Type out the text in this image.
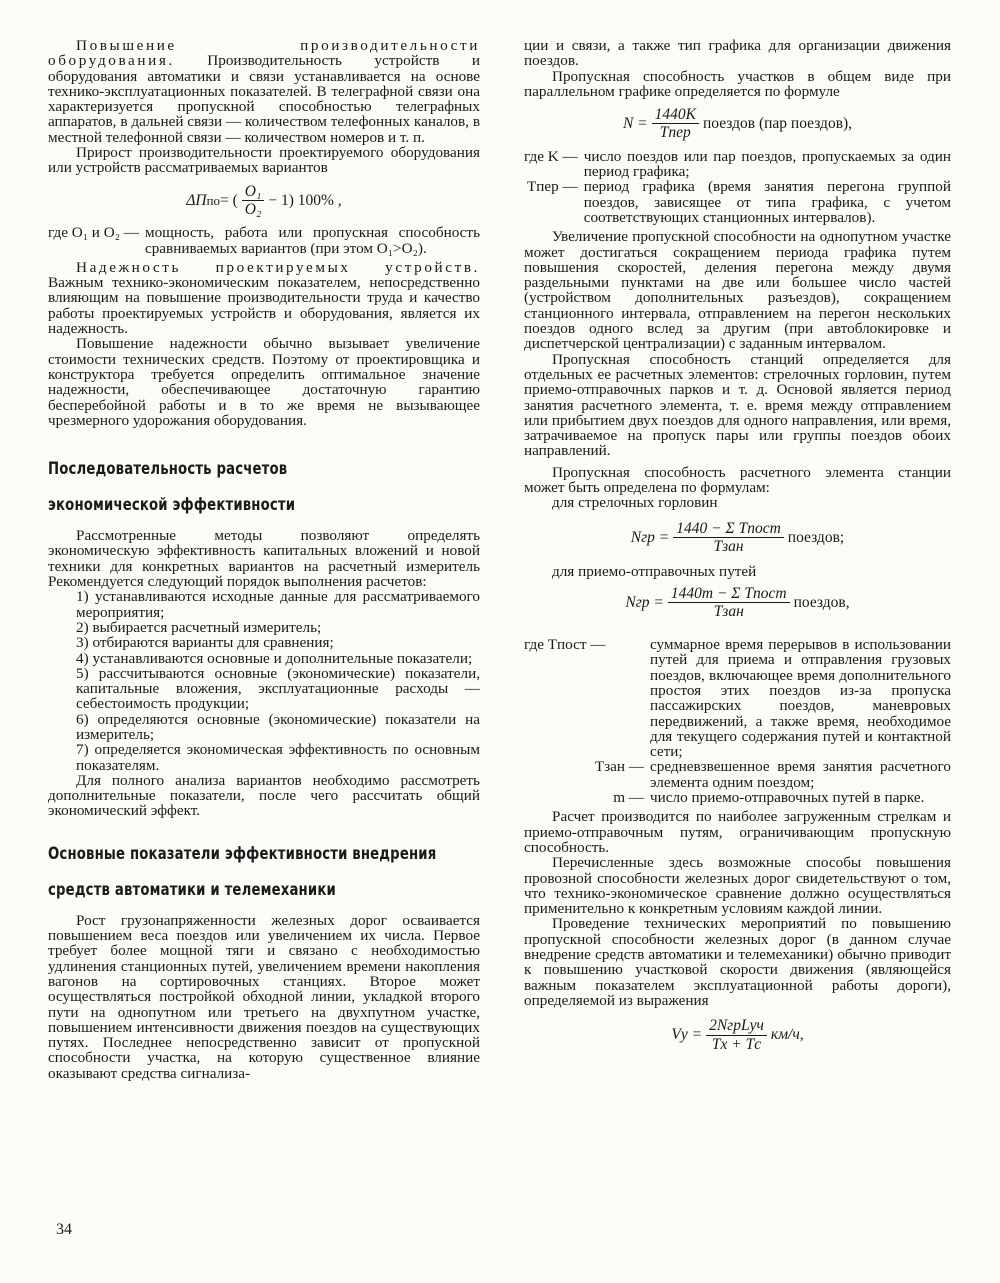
Повышение производительности оборудования. Производительность устройств и оборудования автоматики и связи устанавливается на основе технико-эксплуатационных показателей. В телеграфной связи она характеризуется пропускной способностью телеграфных аппаратов, в дальней связи — количеством телефонных каналов, в местной телефонной связи — количеством номеров и т. п.

Прирост производительности проектируемого оборудования или устройств рассматриваемых вариантов

ΔП по = ( $\frac{\text{O₁}}{\text{O₂}} - 1$) 100% ,
где O₁ и O₂ — мощность, работа или пропускная способность сравниваемых вариантов (при этом O₁>O₂).

Надежность проектируемых устройств. Важным технико-экономическим показателем, непосредственно влияющим на повышение производительности труда и качество работы проектируемых устройств и оборудования, является их надежность.

Повышение надежности обычно вызывает увеличение стоимости технических средств. Поэтому от проектировщика и конструктора требуется определить оптимальное значение надежности, обеспечивающее достаточную гарантию бесперебойной работы и в то же время не вызывающее чрезмерного удорожания оборудования.

Последовательность расчетов
экономической эффективности

Рассмотренные методы позволяют определять экономическую эффективность капитальных вложений и новой техники для конкретных вариантов на расчетный измеритель Рекомендуется следующий порядок выполнения расчетов:

1) устанавливаются исходные данные для рассматриваемого мероприятия;

2) выбирается расчетный измеритель;

3) отбираются варианты для сравнения;

4) устанавливаются основные и дополнительные показатели;

5) рассчитываются основные (экономические) показатели, капитальные вложения, эксплуатационные расходы — себестоимость продукции;

6) определяются основные (экономические) показатели на измеритель;

7) определяется экономическая эффективность по основным показателям.

Для полного анализа вариантов необходимо рассмотреть дополнительные показатели, после чего рассчитать общий экономический эффект.

Основные показатели эффективности внедрения
средств автоматики и телемеханики

Рост грузонапряженности железных дорог осваивается повышением веса поездов или увеличением их числа. Первое требует более мощной тяги и связано с необходимостью удлинения станционных путей, увеличением времени накопления вагонов на сортировочных станциях. Второе может осуществляться постройкой обходной линии, укладкой второго пути на однопутном или третьего на двухпутном участке, повышением интенсивности движения поездов на существующих путях. Последнее непосредственно зависит от пропускной способности участка, на которую существенное влияние оказывают средства сигнализа-

ции и связи, а также тип графика для организации движения поездов.

Пропускная способность участков в общем виде при параллельном графике определяется по формуле

$N = \frac{1440K}{\text{Tпер}}$ поездов (пар поездов),
где K — число поездов или пар поездов, пропускаемых за один период графика;
Tпер — период графика (время занятия перегона группой поездов, зависящее от типа графика, с учетом соответствующих станционных интервалов).

Увеличение пропускной способности на однопутном участке может достигаться сокращением периода графика путем повышения скоростей, деления перегона между двумя раздельными пунктами на две или большее число частей (устройством дополнительных разъездов), сокращением станционного интервала, отправлением на перегон нескольких поездов одного вслед за другим (при автоблокировке и диспетчерской централизации) с заданным интервалом.

Пропускная способность станций определяется для отдельных ее расчетных элементов: стрелочных горловин, путем приемо-отправочных парков и т. д. Основой является период занятия расчетного элемента, т. е. время между отправлением или прибытием двух поездов для одного направления, или время, затрачиваемое на пропуск пары или группы поездов обоих направлений.

Пропускная способность расчетного элемента станции может быть определена по формулам:

для стрелочных горловин

Nгр = $\frac{\text{1440 − Σ Tпост}}{\text{Tзан}}$ поездов;

для приемо-отправочных путей

Nгр = $\frac{\text{1440m − Σ Tпост}}{\text{Tзан}}$ поездов,
где Tпост —	суммарное время перерывов в использовании путей для приема и отправления грузовых поездов, включающее время дополнительного простоя этих поездов из-за пропуска пассажирских поездов, маневровых передвижений, а также время, необходимое для текущего содержания путей и контактной сети;
Tзан — средневзвешенное время занятия расчетного элемента одним поездом;
m — число приемо-отправочных путей в парке.

Расчет производится по наиболее загруженным стрелкам и приемо-отправочным путям, ограничивающим пропускную способность.

Перечисленные здесь возможные способы повышения провозной способности железных дорог свидетельствуют о том, что технико-экономическое сравнение должно осуществляться применительно к конкретным условиям каждой линии.

Проведение технических мероприятий по повышению пропускной способности железных дорог (в данном случае внедрение средств автоматики и телемеханики) обычно приводит к повышению участковой скорости движения (являющейся важным показателем эксплуатационной работы дороги), определяемой из выражения

Vу = $\frac{\text{2NгрLуч}}{Tх + Tс} км/ч$,
34
